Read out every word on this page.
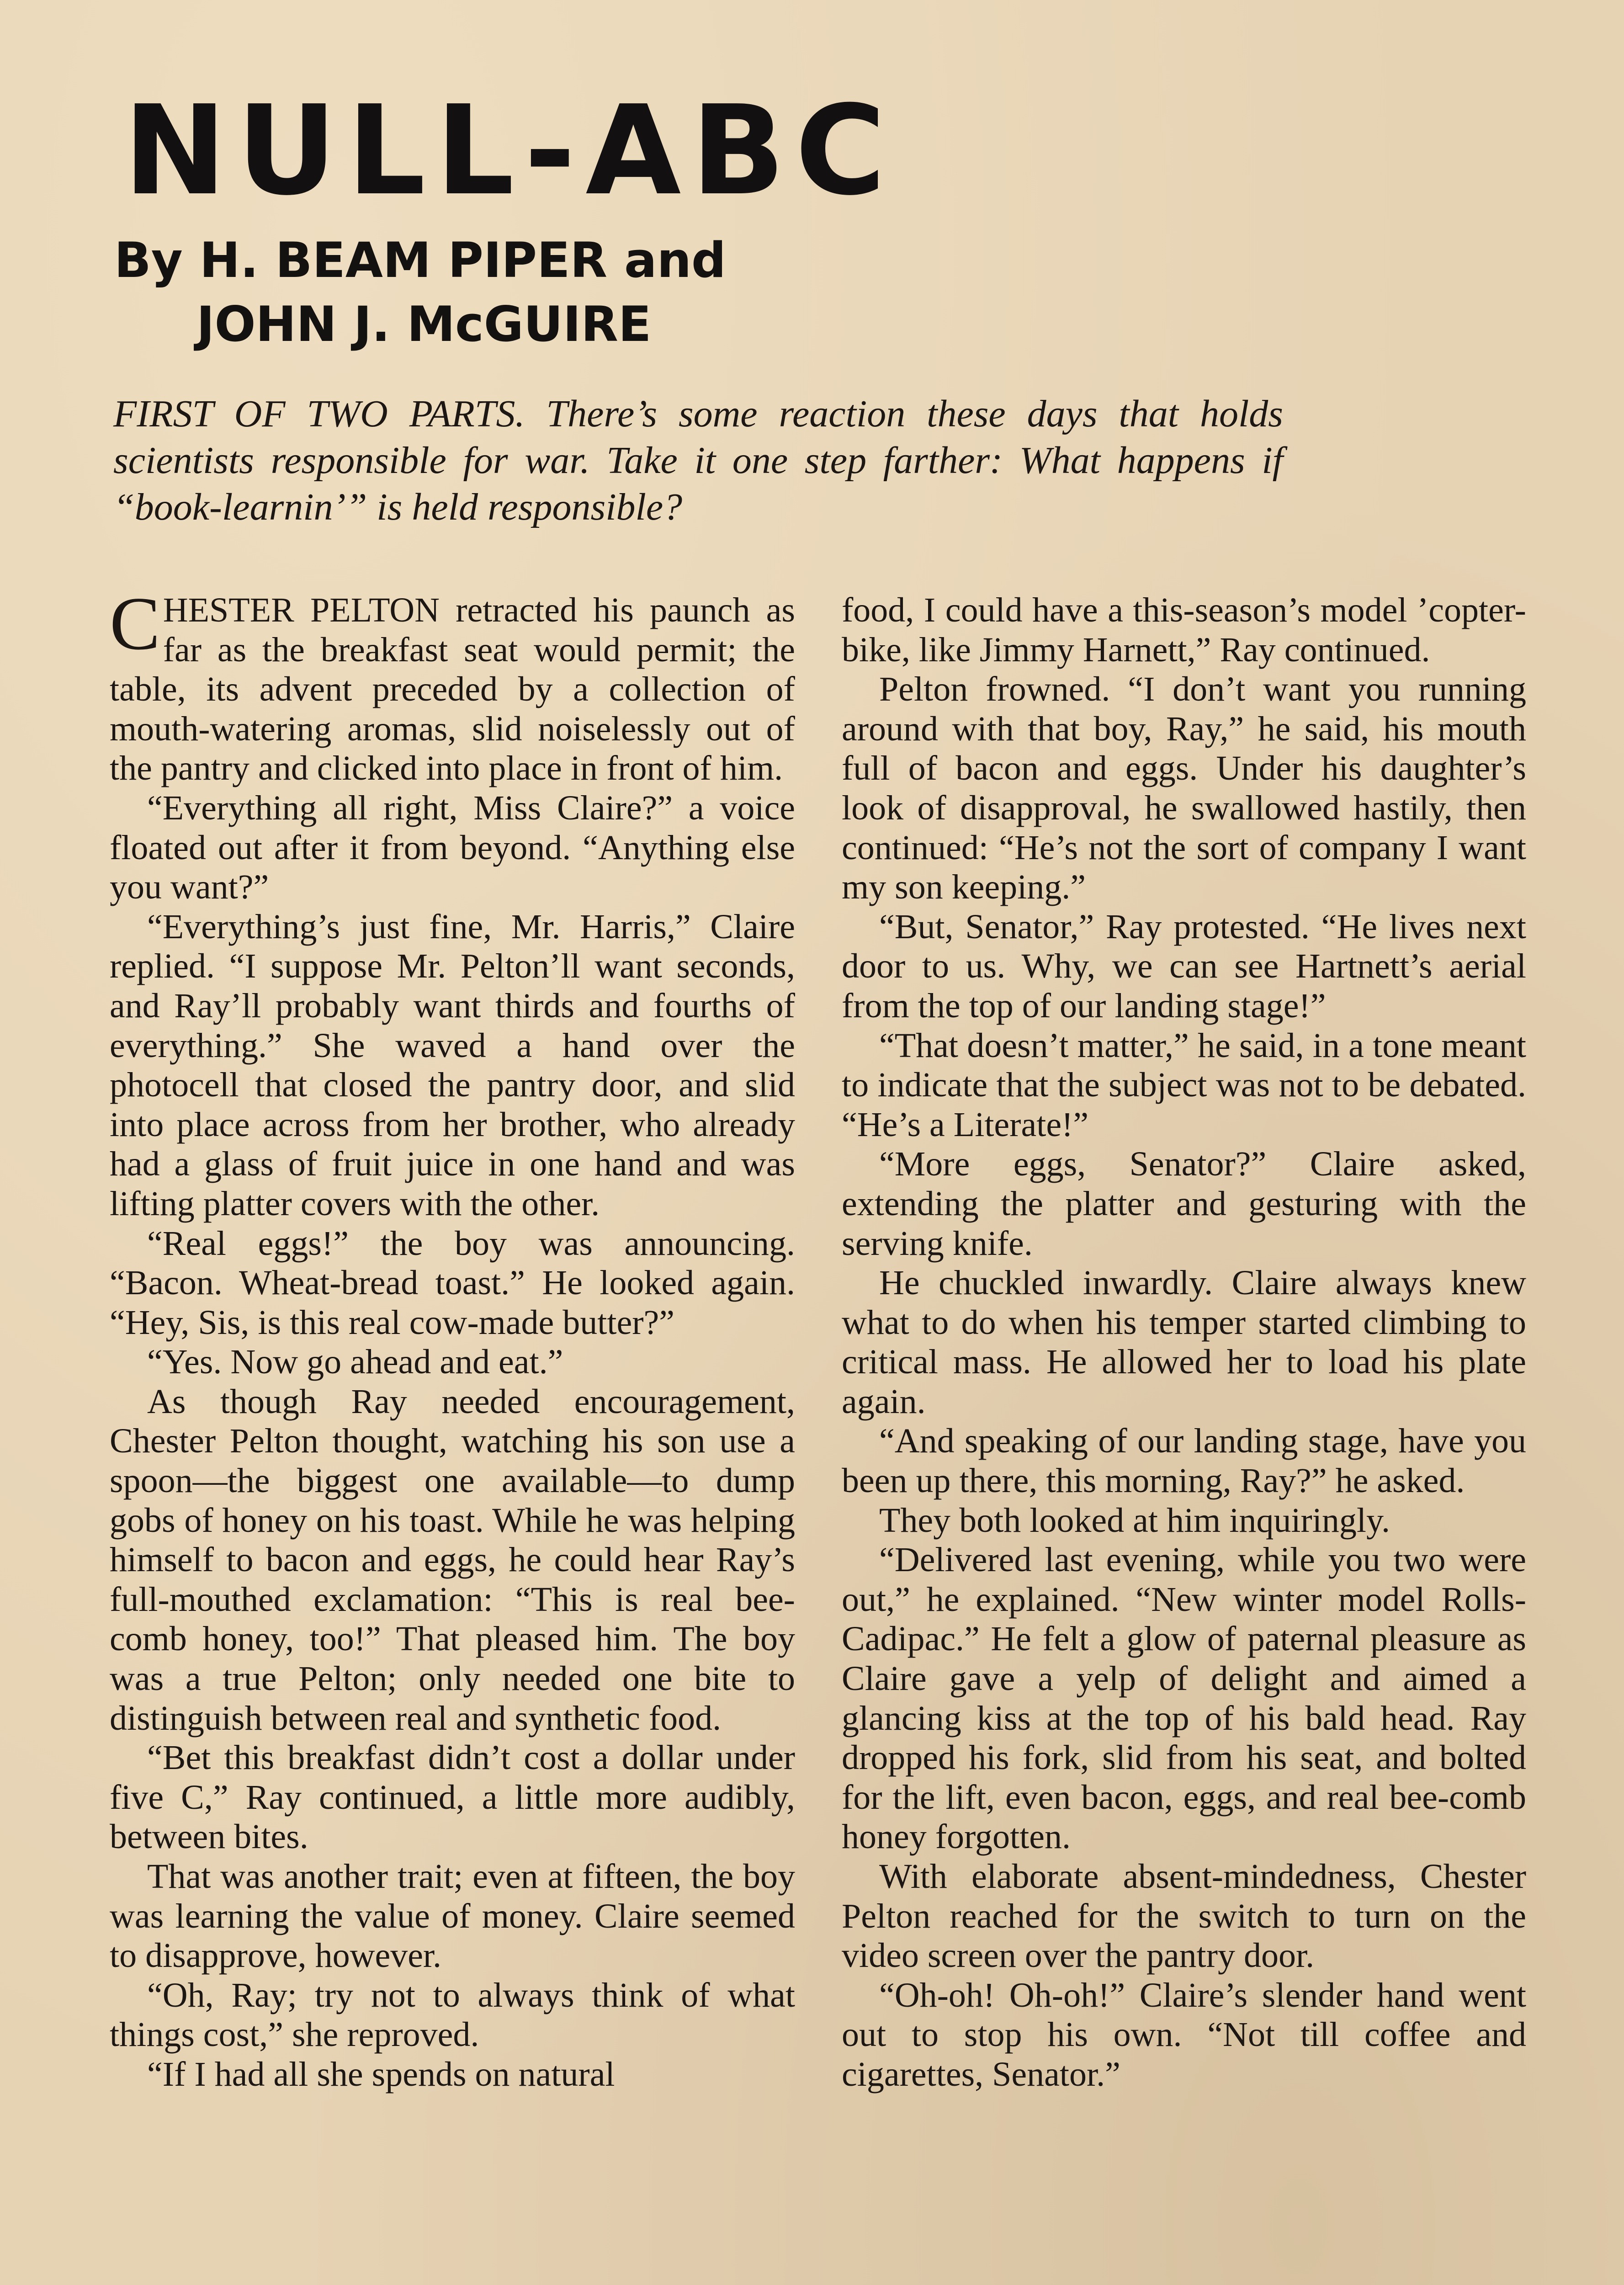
NULL-ABC
By H. BEAM PIPER and
JOHN J. McGUIRE

FIRST OF TWO PARTS. There’s some reaction these days that holds scientists responsible for war. Take it one step farther: What happens if “book-learnin’” is held responsible?

CHESTER PELTON retracted his paunch as far as the breakfast seat would permit; the table, its advent preceded by a collection of mouth-watering aromas, slid noiselessly out of the pantry and clicked into place in front of him.

“Everything all right, Miss Claire?” a voice floated out after it from beyond. “Anything else you want?”

“Everything’s just fine, Mr. Harris,” Claire replied. “I suppose Mr. Pelton’ll want seconds, and Ray’ll probably want thirds and fourths of everything.” She waved a hand over the photocell that closed the pantry door, and slid into place across from her brother, who already had a glass of fruit juice in one hand and was lifting platter covers with the other.

“Real eggs!” the boy was announcing. “Bacon. Wheat-bread toast.” He looked again. “Hey, Sis, is this real cow-made butter?”

“Yes. Now go ahead and eat.”

As though Ray needed encouragement, Chester Pelton thought, watching his son use a spoon—the biggest one available—to dump gobs of honey on his toast. While he was helping himself to bacon and eggs, he could hear Ray’s full-mouthed exclamation: “This is real bee-comb honey, too!” That pleased him. The boy was a true Pelton; only needed one bite to distinguish between real and synthetic food.

“Bet this breakfast didn’t cost a dollar under five C,” Ray continued, a little more audibly, between bites.

That was another trait; even at fifteen, the boy was learning the value of money. Claire seemed to disapprove, however.

“Oh, Ray; try not to always think of what things cost,” she reproved.

“If I had all she spends on natural

food, I could have a this-season’s model ’copter-bike, like Jimmy Harnett,” Ray continued.

Pelton frowned. “I don’t want you running around with that boy, Ray,” he said, his mouth full of bacon and eggs. Under his daughter’s look of disapproval, he swallowed hastily, then continued: “He’s not the sort of company I want my son keeping.”

“But, Senator,” Ray protested. “He lives next door to us. Why, we can see Hartnett’s aerial from the top of our landing stage!”

“That doesn’t matter,” he said, in a tone meant to indicate that the subject was not to be debated. “He’s a Literate!”

“More eggs, Senator?” Claire asked, extending the platter and gesturing with the serving knife.

He chuckled inwardly. Claire always knew what to do when his temper started climbing to critical mass. He allowed her to load his plate again.

“And speaking of our landing stage, have you been up there, this morning, Ray?” he asked.

They both looked at him inquiringly.

“Delivered last evening, while you two were out,” he explained. “New winter model Rolls-Cadipac.” He felt a glow of paternal pleasure as Claire gave a yelp of delight and aimed a glancing kiss at the top of his bald head. Ray dropped his fork, slid from his seat, and bolted for the lift, even bacon, eggs, and real bee-comb honey forgotten.

With elaborate absent-mindedness, Chester Pelton reached for the switch to turn on the video screen over the pantry door.

“Oh-oh! Oh-oh!” Claire’s slender hand went out to stop his own. “Not till coffee and cigarettes, Senator.”
